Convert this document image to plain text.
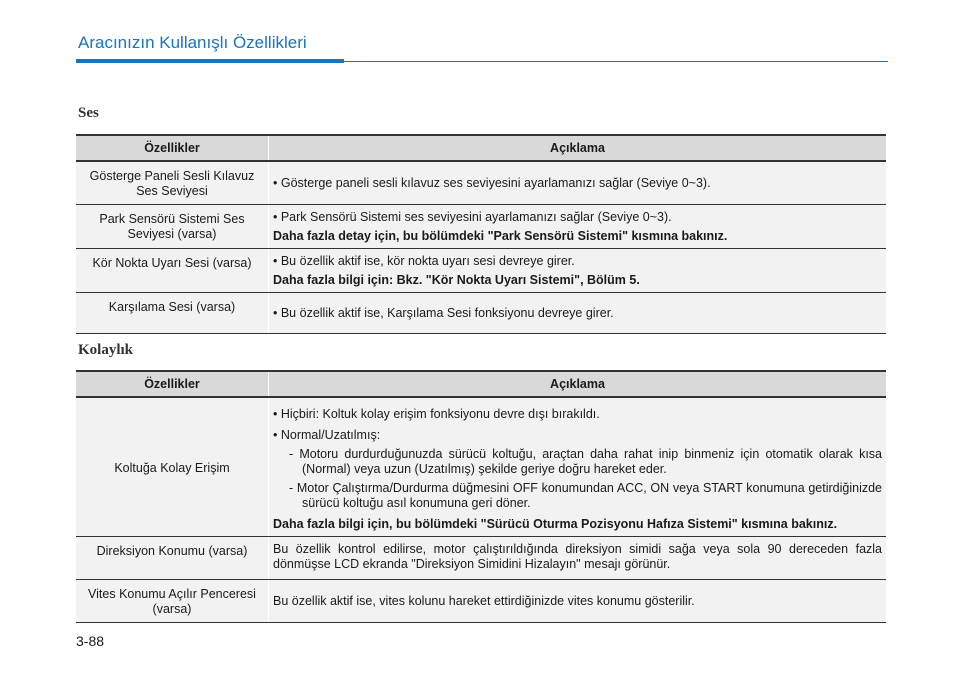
Aracınızın Kullanışlı Özellikleri
Ses
Özellikler	Açıklama
Gösterge Paneli Sesli Kılavuz Ses Seviyesi	• Gösterge paneli sesli kılavuz ses seviyesini ayarlamanızı sağlar (Seviye 0~3).
Park Sensörü Sistemi Ses Seviyesi (varsa)	• Park Sensörü Sistemi ses seviyesini ayarlamanızı sağlar (Seviye 0~3).
Daha fazla detay için, bu bölümdeki "Park Sensörü Sistemi" kısmına bakınız.

Kör Nokta Uyarı Sesi (varsa)	• Bu özellik aktif ise, kör nokta uyarı sesi devreye girer.
Daha fazla bilgi için: Bkz. "Kör Nokta Uyarı Sistemi", Bölüm 5.

Karşılama Sesi (varsa)	• Bu özellik aktif ise, Karşılama Sesi fonksiyonu devreye girer.
Kolaylık
Özellikler	Açıklama
Koltuğa Kolay Erişim	• Hiçbiri: Koltuk kolay erişim fonksiyonu devre dışı bırakıldı.
• Normal/Uzatılmış:
- Motoru durdurduğunuzda sürücü koltuğu, araçtan daha rahat inip binmeniz için otomatik olarak kısa (Normal) veya uzun (Uzatılmış) şekilde geriye doğru hareket eder.
- Motor Çalıştırma/Durdurma düğmesini OFF konumundan ACC, ON veya START konumuna getirdiğinizde sürücü koltuğu asıl konumuna geri döner.
Daha fazla bilgi için, bu bölümdeki "Sürücü Oturma Pozisyonu Hafıza Sistemi" kısmına bakınız.

Direksiyon Konumu (varsa)	Bu özellik kontrol edilirse, motor çalıştırıldığında direksiyon simidi sağa veya sola 90 dereceden fazla dönmüşse LCD ekranda "Direksiyon Simidini Hizalayın" mesajı görünür.
Vites Konumu Açılır Penceresi (varsa)	Bu özellik aktif ise, vites kolunu hareket ettirdiğinizde vites konumu gösterilir.
3-88
